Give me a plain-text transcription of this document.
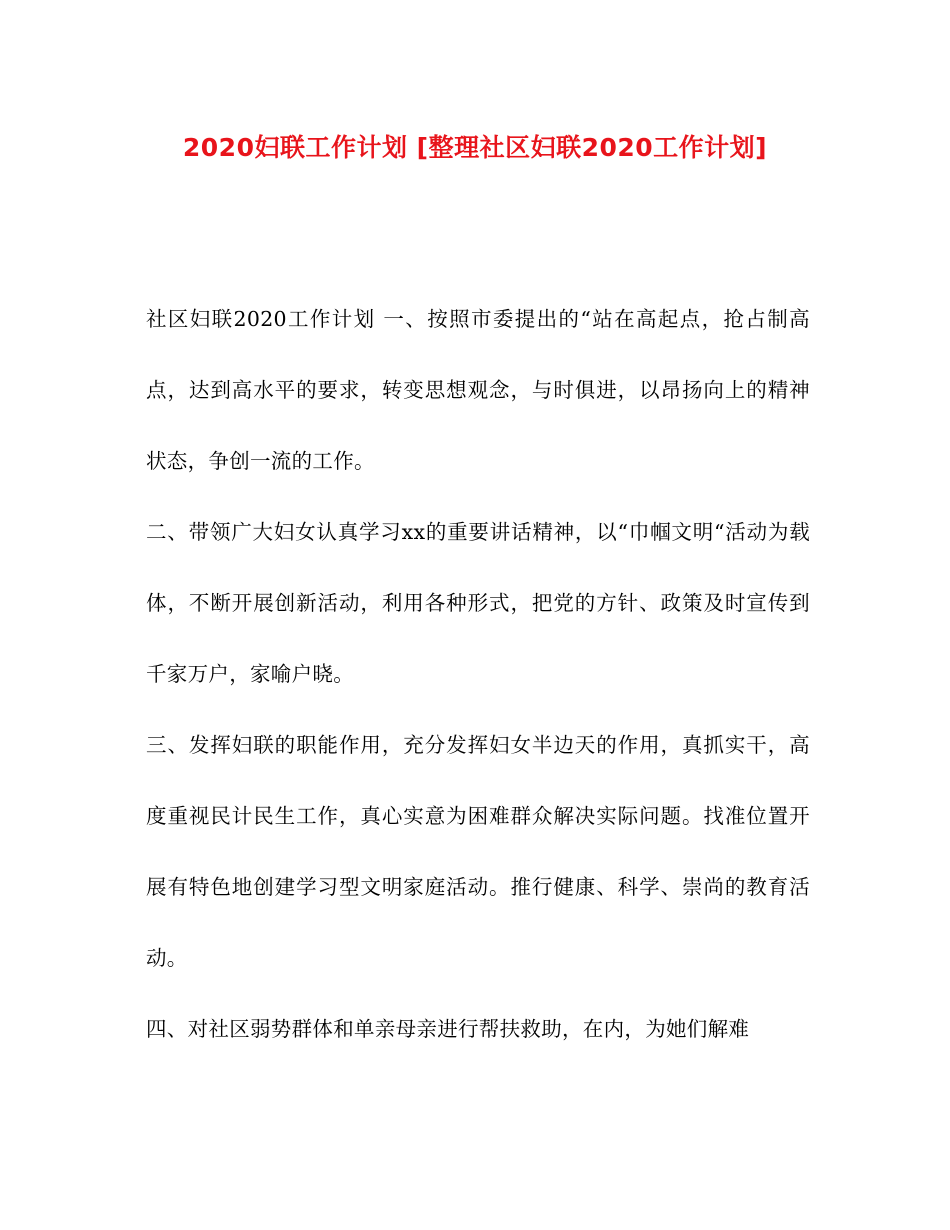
2020妇联工作计划 [整理社区妇联2020工作计划]

社区妇联2020工作计划 一、按照市委提出的“站在高起点，抢占制高点，达到高水平的要求，转变思想观念，与时俱进，以昂扬向上的精神状态，争创一流的工作。

二、带领广大妇女认真学习xx的重要讲话精神，以“巾帼文明“活动为载体，不断开展创新活动，利用各种形式，把党的方针、政策及时宣传到千家万户，家喻户晓。

三、发挥妇联的职能作用，充分发挥妇女半边天的作用，真抓实干，高度重视民计民生工作，真心实意为困难群众解决实际问题。找准位置开展有特色地创建学习型文明家庭活动。推行健康、科学、崇尚的教育活动。

四、对社区弱势群体和单亲母亲进行帮扶救助，在内，为她们解难
